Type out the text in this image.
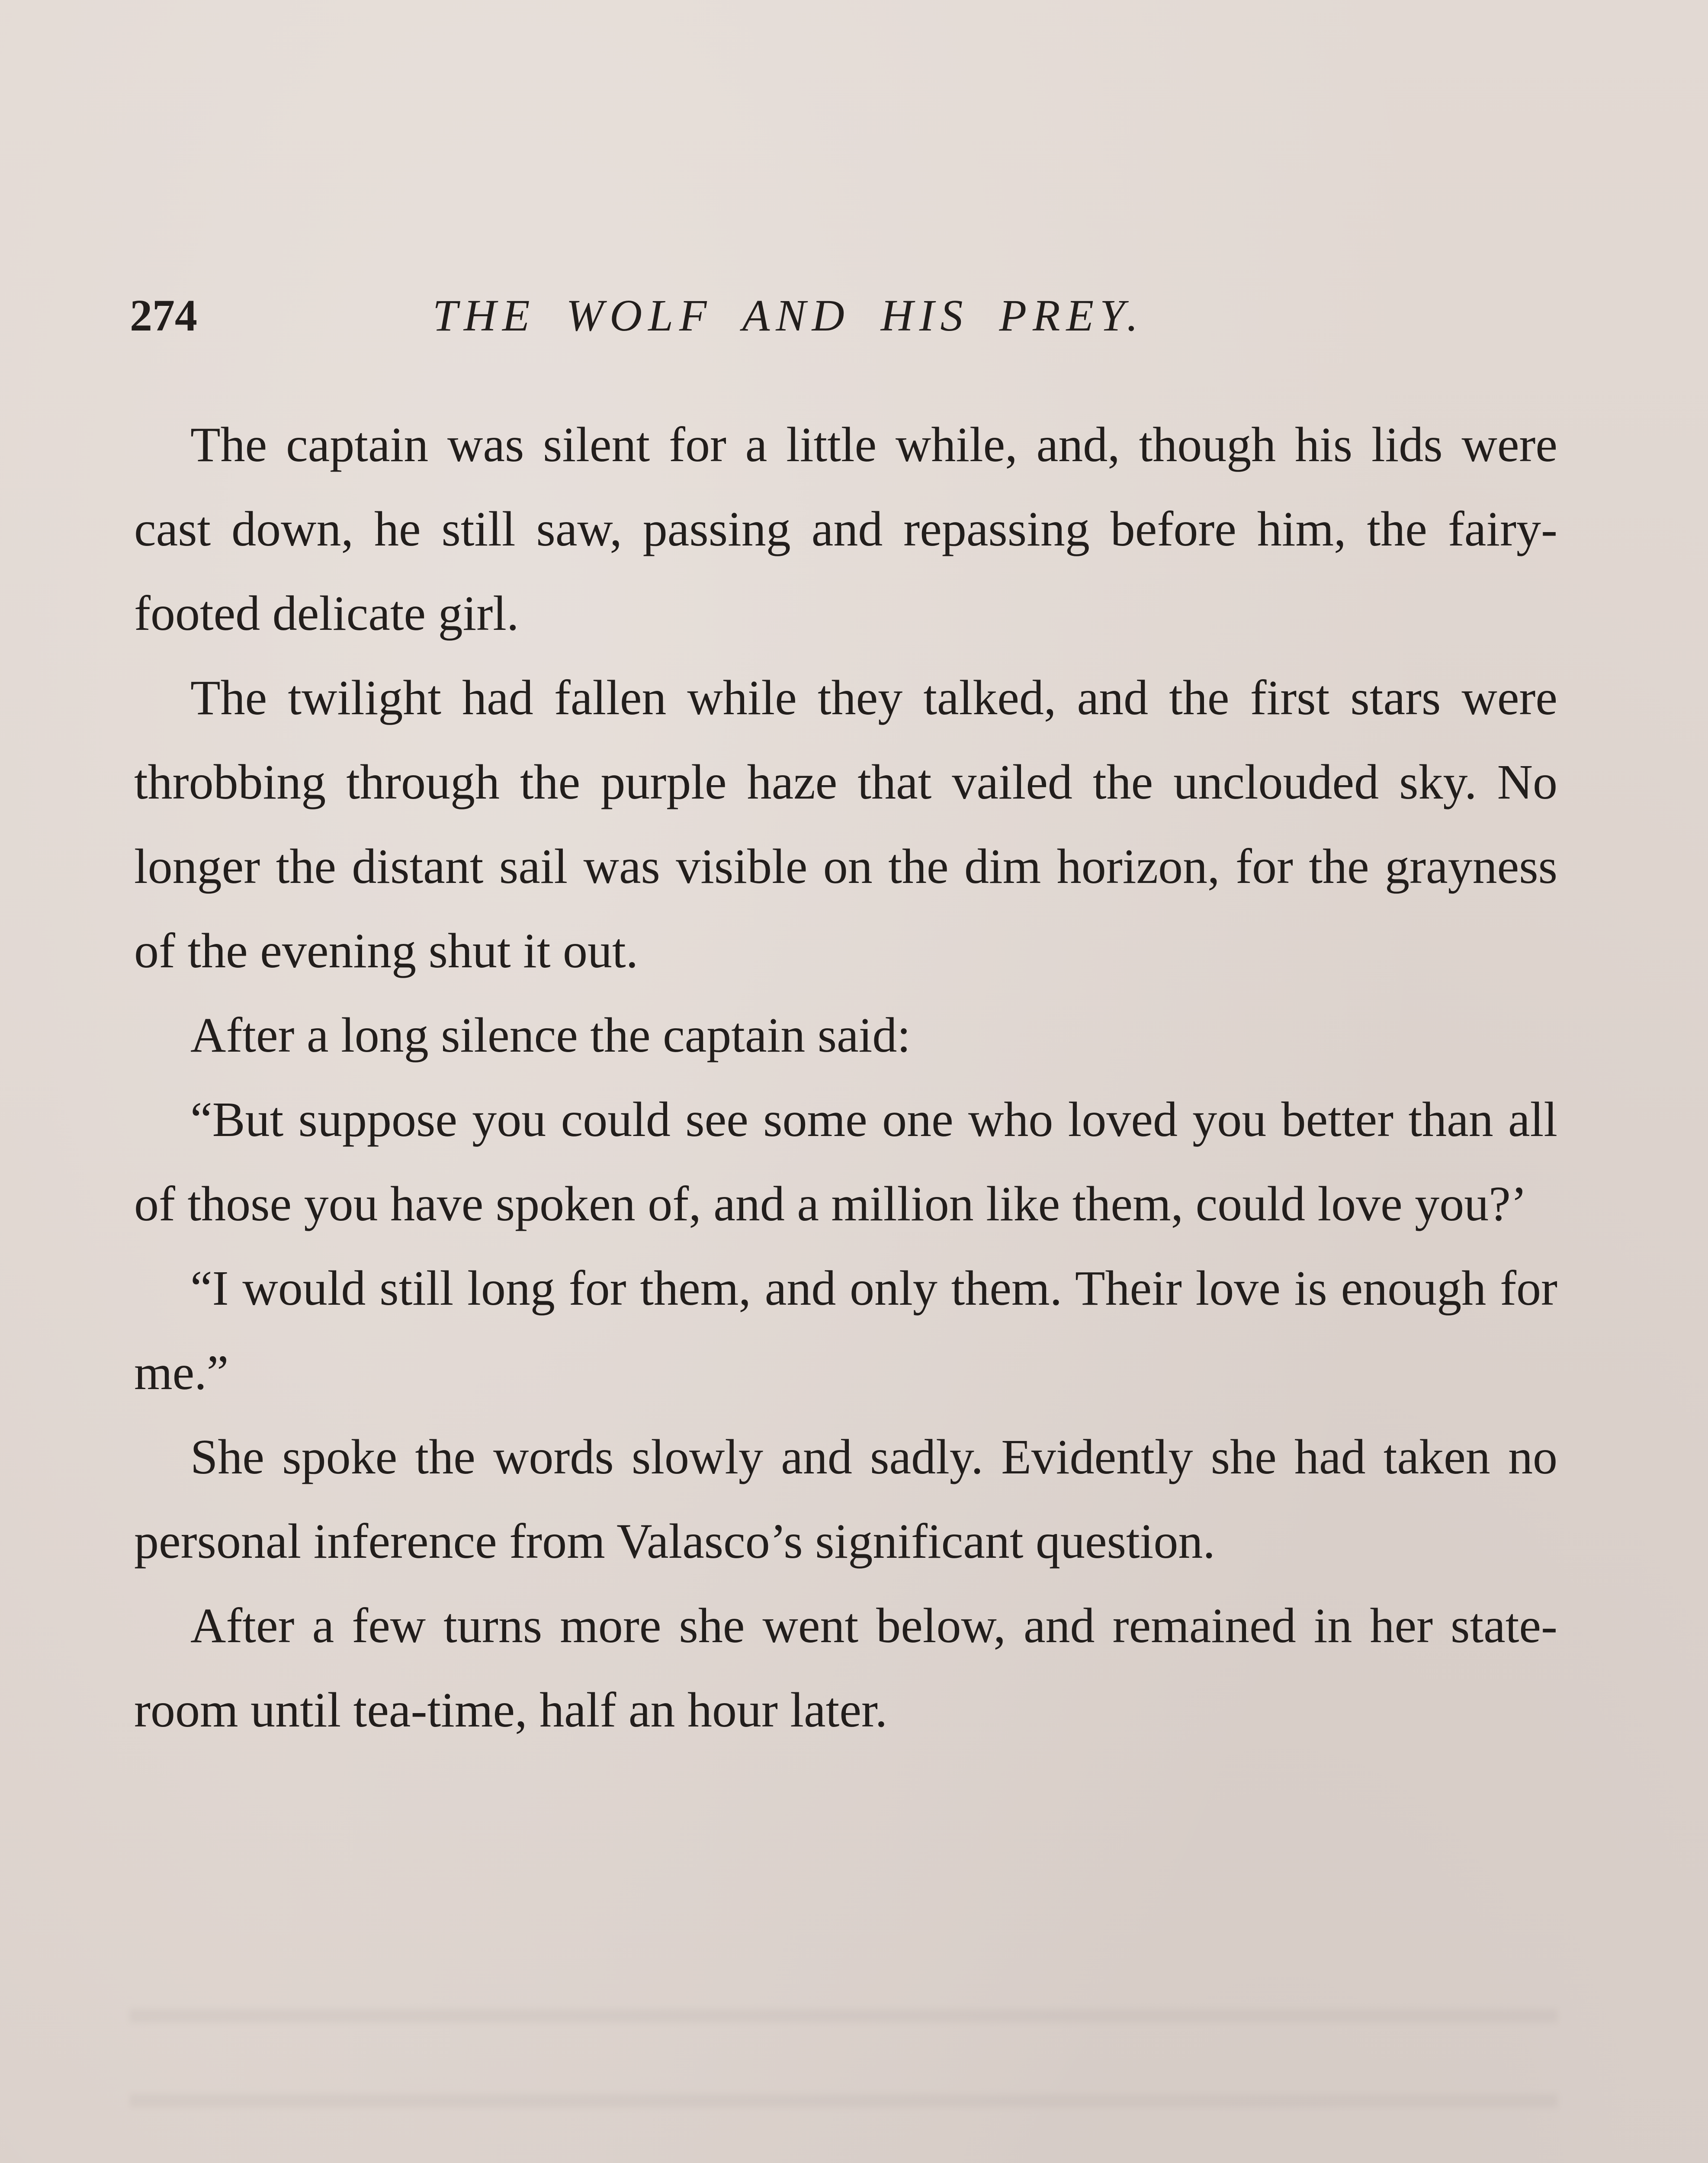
274	THE WOLF AND HIS PREY.

The captain was silent for a little while, and, though his lids were cast down, he still saw, passing and repassing before him, the fairy-footed delicate girl.

The twilight had fallen while they talked, and the first stars were throbbing through the purple haze that vailed the unclouded sky. No longer the distant sail was visible on the dim horizon, for the grayness of the evening shut it out.

After a long silence the captain said:

“But suppose you could see some one who loved you better than all of those you have spoken of, and a million like them, could love you?’

“I would still long for them, and only them. Their love is enough for me.”

She spoke the words slowly and sadly. Evidently she had taken no personal inference from Valasco’s significant question.

After a few turns more she went below, and remained in her state-room until tea-time, half an hour later.
